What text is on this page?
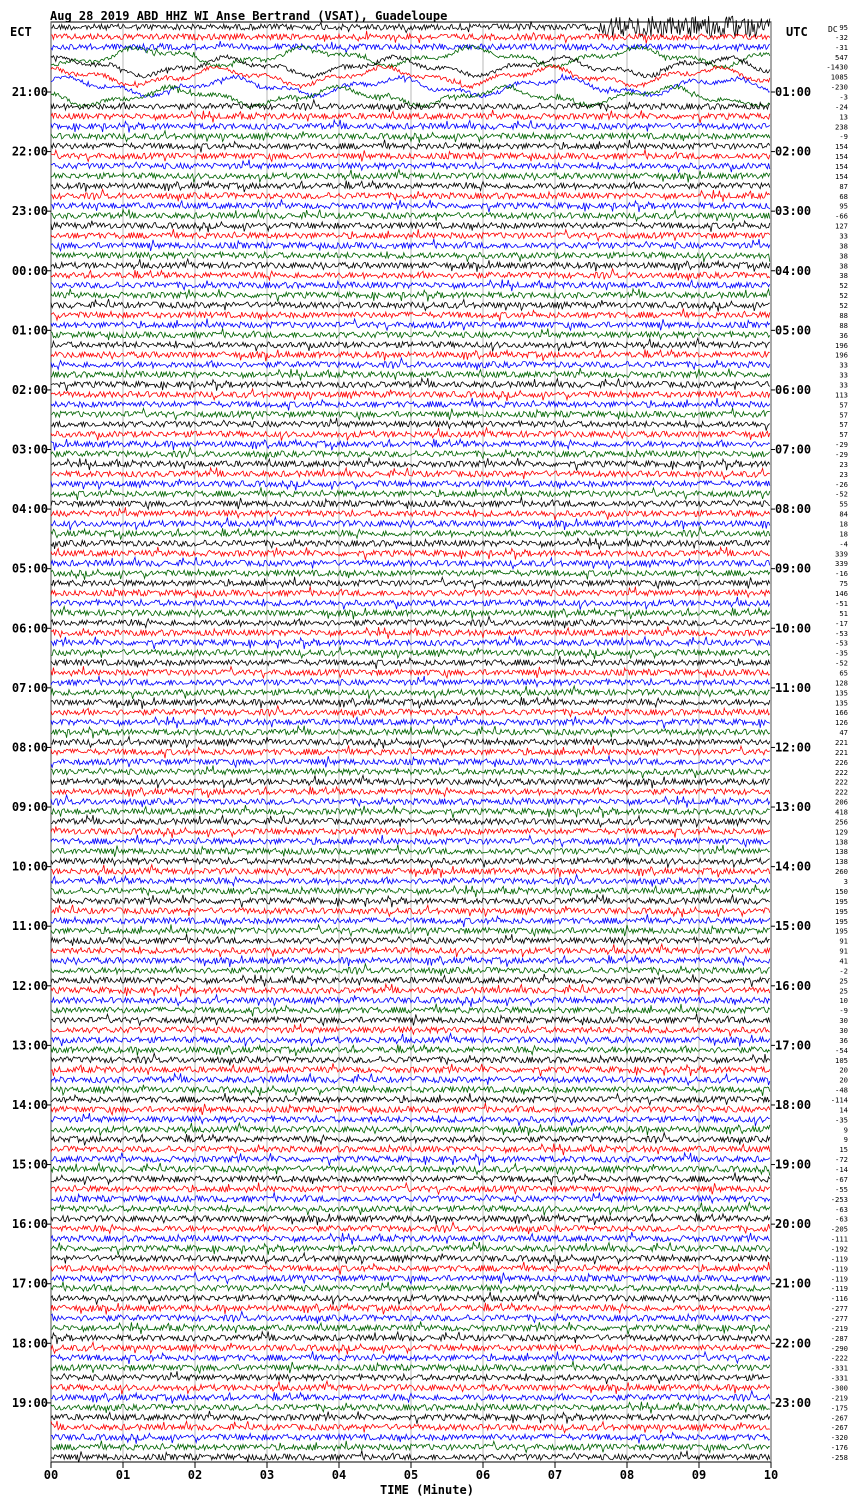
Aug 28 2019 ABD HHZ WI Anse Bertrand (VSAT), Guadeloupe
ECT	UTC	DC
TIME (Minute)
95
-32
-31
547
-1430
1085
-230
-3
-24
13
238
-9
154
154
154
154
87
68
95
-66
127
33
38
38
38
38
52
52
52
88
88
36
196
196
33
33
33
113
57
57
57
57
-29
-29
23
23
-26
-52
55
84
18
18
-4
339
339
-16
75
146
-51
51
-17
-53
-53
-35
-52
65
128
135
135
166
126
47
221
221
226
222
222
222
206
418
256
129
138
138
138
260
3
150
195
195
195
195
91
91
41
-2
25
25
10
-9
30
30
36
-54
105
20
20
-48
-114
14
-35
9
9
15
-72
-14
-67
-55
-253
-63
-63
-205
-111
-192
-119
-119
-119
-119
-116
-277
-277
-219
-287
-290
-222
-331
-331
-300
-219
-175
-267
-267
-320
-176
-258
21:00
22:00
23:00
00:00
01:00
02:00
03:00
04:00
05:00
06:00
07:00
08:00
09:00
10:00
11:00
12:00
13:00
14:00
15:00
16:00
17:00
18:00
19:00
01:00
02:00
03:00
04:00
05:00
06:00
07:00
08:00
09:00
10:00
11:00
12:00
13:00
14:00
15:00
16:00
17:00
18:00
19:00
20:00
21:00
22:00
23:00
00	01	02	03	04	05	06	07	08	09	10
